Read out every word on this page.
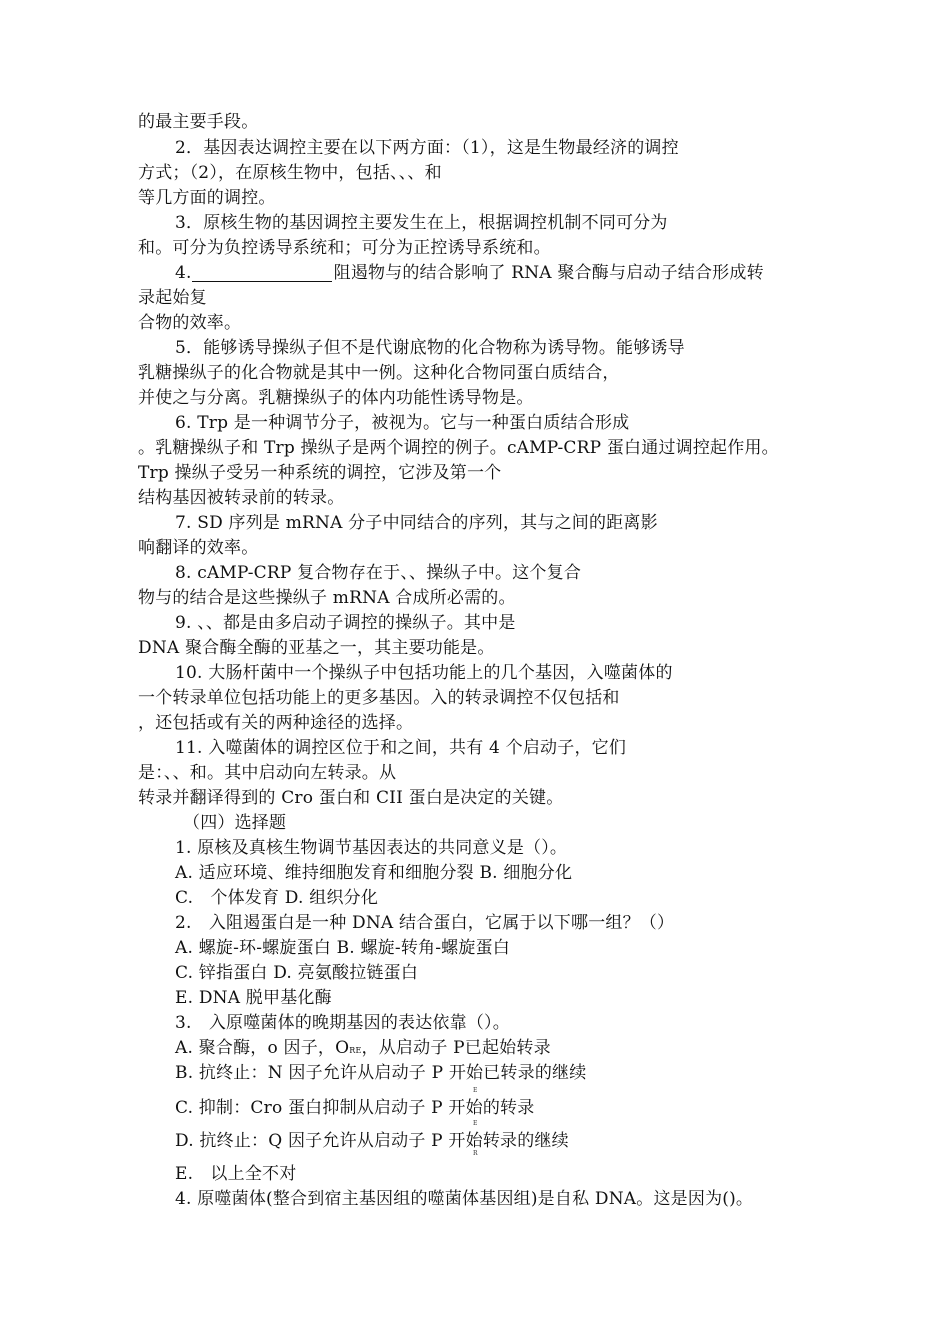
的最主要手段。
2．基因表达调控主要在以下两方面：（1），这是生物最经济的调控
方式；（2），在原核生物中，包括、、、和
等几方面的调控。
3．原核生物的基因调控主要发生在上，根据调控机制不同可分为
和。可分为负控诱导系统和；可分为正控诱导系统和。
4.	阻遏物与的结合影响了 RNA 聚合酶与启动子结合形成转
录起始复
合物的效率。
5．能够诱导操纵子但不是代谢底物的化合物称为诱导物。能够诱导
乳糖操纵子的化合物就是其中一例。这种化合物同蛋白质结合，
并使之与分离。乳糖操纵子的体内功能性诱导物是。
6. Trp 是一种调节分子，被视为。它与一种蛋白质结合形成
。乳糖操纵子和 Trp 操纵子是两个调控的例子。cAMP-CRP 蛋白通过调控起作用。
Trp 操纵子受另一种系统的调控，它涉及第一个
结构基因被转录前的转录。
7. SD 序列是 mRNA 分子中同结合的序列，其与之间的距离影
响翻译的效率。
8. cAMP-CRP 复合物存在于、、操纵子中。这个复合
物与的结合是这些操纵子 mRNA 合成所必需的。
9. 、、都是由多启动子调控的操纵子。其中是
DNA 聚合酶全酶的亚基之一，其主要功能是。
10. 大肠杆菌中一个操纵子中包括功能上的几个基因，入噬菌体的
一个转录单位包括功能上的更多基因。入的转录调控不仅包括和
，还包括或有关的两种途径的选择。
11. 入噬菌体的调控区位于和之间，共有 4 个启动子，它们
是：、、和。其中启动向左转录。从
转录并翻译得到的 Cro 蛋白和 CII 蛋白是决定的关键。
（四）选择题
1. 原核及真核生物调节基因表达的共同意义是（）。
A. 适应环境、维持细胞发育和细胞分裂 B. 细胞分化
C.　个体发育 D. 组织分化
2.　入阻遏蛋白是一种 DNA 结合蛋白，它属于以下哪一组？（）
A. 螺旋-环-螺旋蛋白 B. 螺旋-转角-螺旋蛋白
C. 锌指蛋白 D. 亮氨酸拉链蛋白
E. DNA 脱甲基化酶
3.　入原噬菌体的晚期基因的表达依靠（）。
A. 聚合酶，o 因子，ORE，从启动子 P已起始转录
B. 抗终止：N 因子允许从启动子 P 开始已转录的继续
C. 抑制：Cro 蛋白抑制从启动子 P 开始的转录
E
D. 抗终止：Q 因子允许从启动子 P 开始转录的继续
E
R
E.　以上全不对
4. 原噬菌体(整合到宿主基因组的噬菌体基因组)是自私 DNA。这是因为()。
